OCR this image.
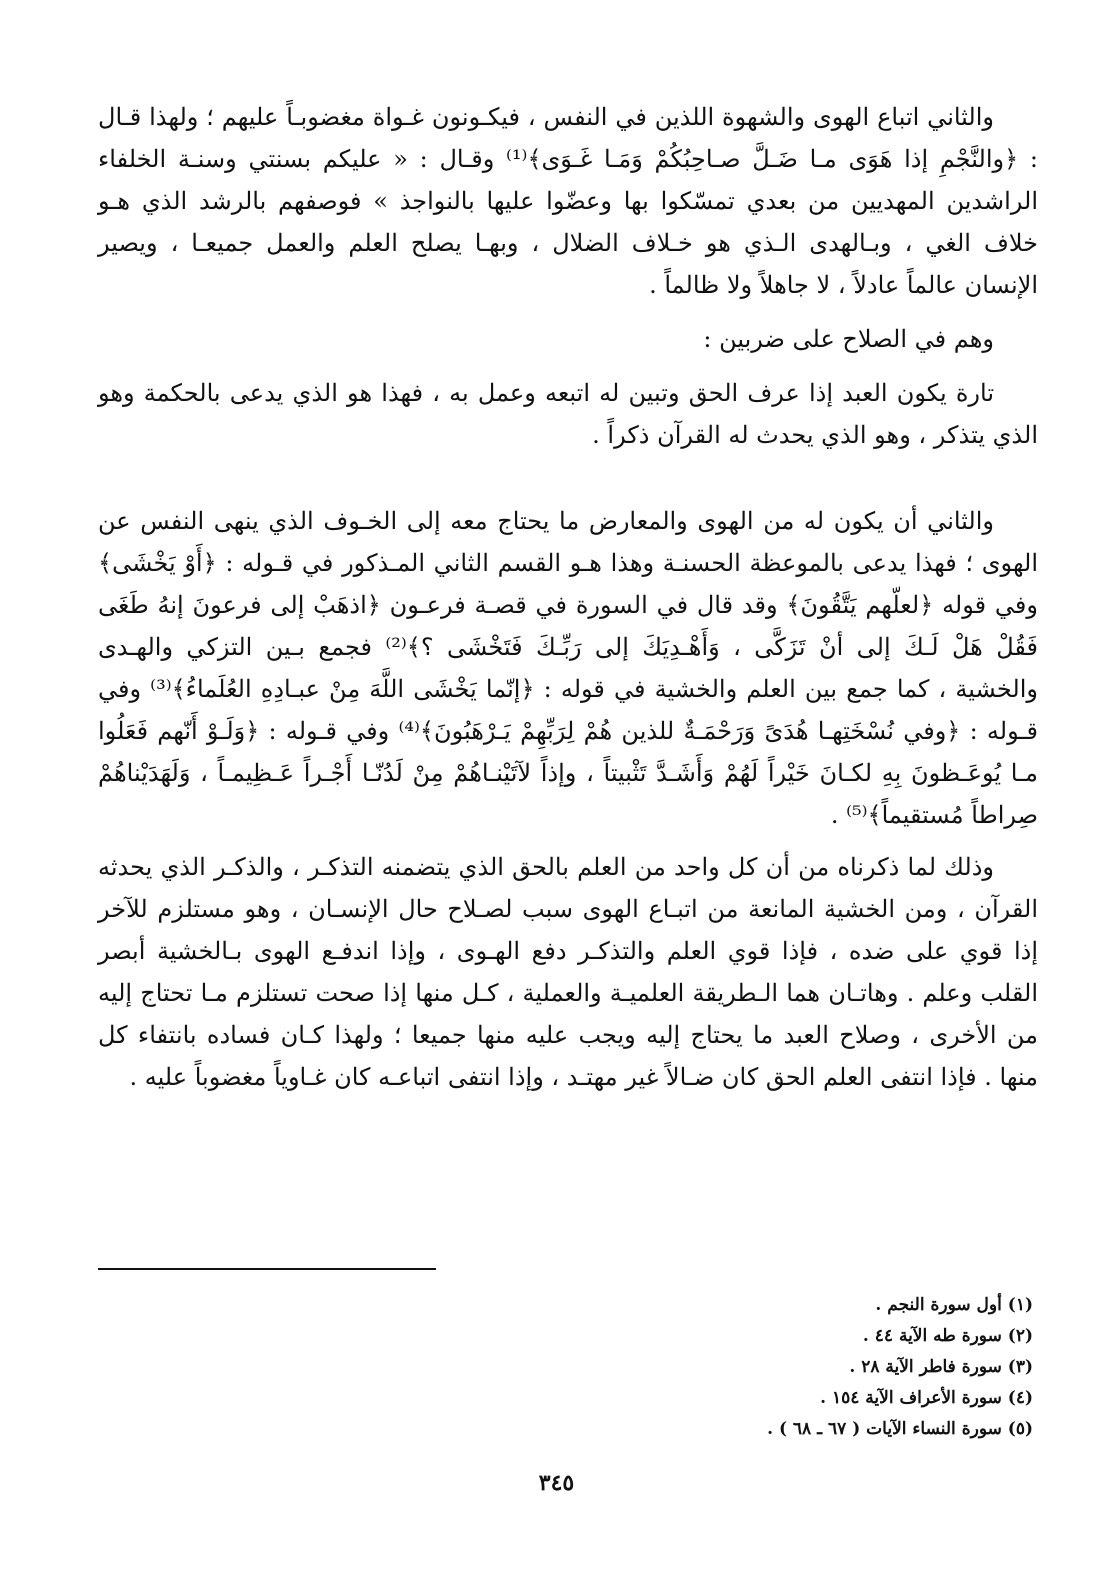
والثاني اتباع الهوى والشهوة اللذين في النفس ، فيكـونون غـواة مغضوبـاً عليهم ؛ ولهذا قـال : ﴿والنَّجْمِ إذا هَوَى مـا ضَـلَّ صـاحِبُكُمْ وَمَـا غَـوَى﴾⁽¹⁾ وقـال : « عليكم بسنتي وسنـة الخلفاء الراشدين المهديين من بعدي تمسّكوا بها وعضّوا عليها بالنواجذ » فوصفهم بالرشد الذي هـو خلاف الغي ، وبـالهدى الـذي هو خـلاف الضلال ، وبهـا يصلح العلم والعمل جميعـا ، ويصير الإنسان عالماً عادلاً ، لا جاهلاً ولا ظالماً .

وهم في الصلاح على ضربين :

تارة يكون العبد إذا عرف الحق وتبين له اتبعه وعمل به ، فهذا هو الذي يدعى بالحكمة وهو الذي يتذكر ، وهو الذي يحدث له القرآن ذكراً .

والثاني أن يكون له من الهوى والمعارض ما يحتاج معه إلى الخـوف الذي ينهى النفس عن الهوى ؛ فهذا يدعى بالموعظة الحسنـة وهذا هـو القسم الثاني المـذكور في قـوله : ﴿أَوْ يَخْشَى﴾ وفي قوله ﴿لعلّهم يَتَّقُونَ﴾ وقد قال في السورة في قصـة فرعـون ﴿اذهَبْ إلى فرعونَ إنهُ طَغَى فَقُلْ هَلْ لَـكَ إلى أنْ تَزَكَّى ، وَأَهْـدِيَكَ إلى رَبِّـكَ فَتَخْشَى ؟﴾⁽²⁾ فجمع بـين التزكي والهـدى والخشية ، كما جمع بين العلم والخشية في قوله : ﴿إنّما يَخْشَى اللَّهَ مِنْ عبـادِهِ العُلَماءُ﴾⁽³⁾ وفي قـوله : ﴿وفي نُسْخَتِهـا هُدَىً وَرَحْمَـةٌ للذين هُمْ لِرَبِّهِمْ يَـرْهَبُونَ﴾⁽⁴⁾ وفي قـوله : ﴿وَلَـوْ أَنّهم فَعَلُوا مـا يُوعَـظونَ بِهِ لكـانَ خَيْراً لَهُمْ وَأَشَـدَّ تَثْبيتاً ، وإذاً لآتَيْنـاهُمْ مِنْ لَدُنّـا أَجْـراً عَـظِيمـاً ، وَلَهَدَيْناهُمْ صِراطاً مُستقيماً﴾⁽⁵⁾ .

وذلك لما ذكرناه من أن كل واحد من العلم بالحق الذي يتضمنه التذكـر ، والذكـر الذي يحدثه القرآن ، ومن الخشية المانعة من اتبـاع الهوى سبب لصـلاح حال الإنسـان ، وهو مستلزم للآخر إذا قوي على ضده ، فإذا قوي العلم والتذكـر دفع الهـوى ، وإذا اندفـع الهوى بـالخشية أبصر القلب وعلم . وهاتـان هما الـطريقة العلميـة والعملية ، كـل منها إذا صحت تستلزم مـا تحتاج إليه من الأخرى ، وصلاح العبد ما يحتاج إليه ويجب عليه منها جميعا ؛ ولهذا كـان فساده بانتفاء كل منها . فإذا انتفى العلم الحق كان ضـالاً غير مهتـد ، وإذا انتفى اتباعـه كان غـاوياً مغضوباً عليه .

(١) أول سورة النجم .
(٢) سورة طه الآية ٤٤ .
(٣) سورة فاطر الآية ٢٨ .
(٤) سورة الأعراف الآية ١٥٤ .
(٥) سورة النساء الآيات ( ٦٧ ـ ٦٨ ) .
٣٤٥
